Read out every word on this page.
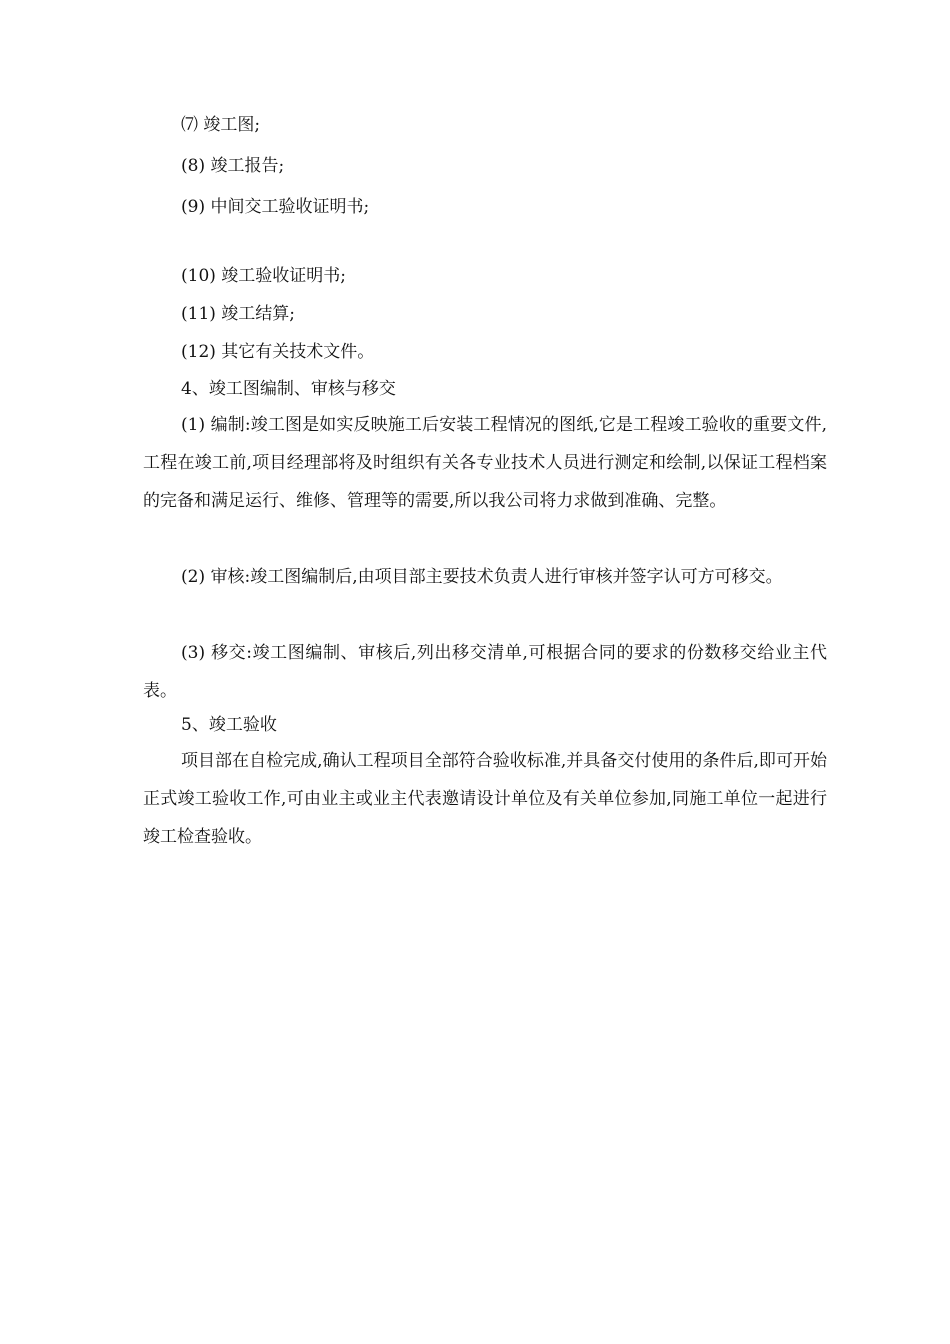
⑺ 竣工图;
(8) 竣工报告;
(9) 中间交工验收证明书;
(10) 竣工验收证明书;
(11) 竣工结算;
(12) 其它有关技术文件。
4、竣工图编制、审核与移交
(1) 编制:竣工图是如实反映施工后安装工程情况的图纸,它是工程竣工验收的重要文件,工程在竣工前,项目经理部将及时组织有关各专业技术人员进行测定和绘制,以保证工程档案的完备和满足运行、维修、管理等的需要,所以我公司将力求做到准确、完整。
(2) 审核:竣工图编制后,由项目部主要技术负责人进行审核并签字认可方可移交。
(3) 移交:竣工图编制、审核后,列出移交清单,可根据合同的要求的份数移交给业主代表。
5、竣工验收
项目部在自检完成,确认工程项目全部符合验收标准,并具备交付使用的条件后,即可开始正式竣工验收工作,可由业主或业主代表邀请设计单位及有关单位参加,同施工单位一起进行竣工检查验收。
